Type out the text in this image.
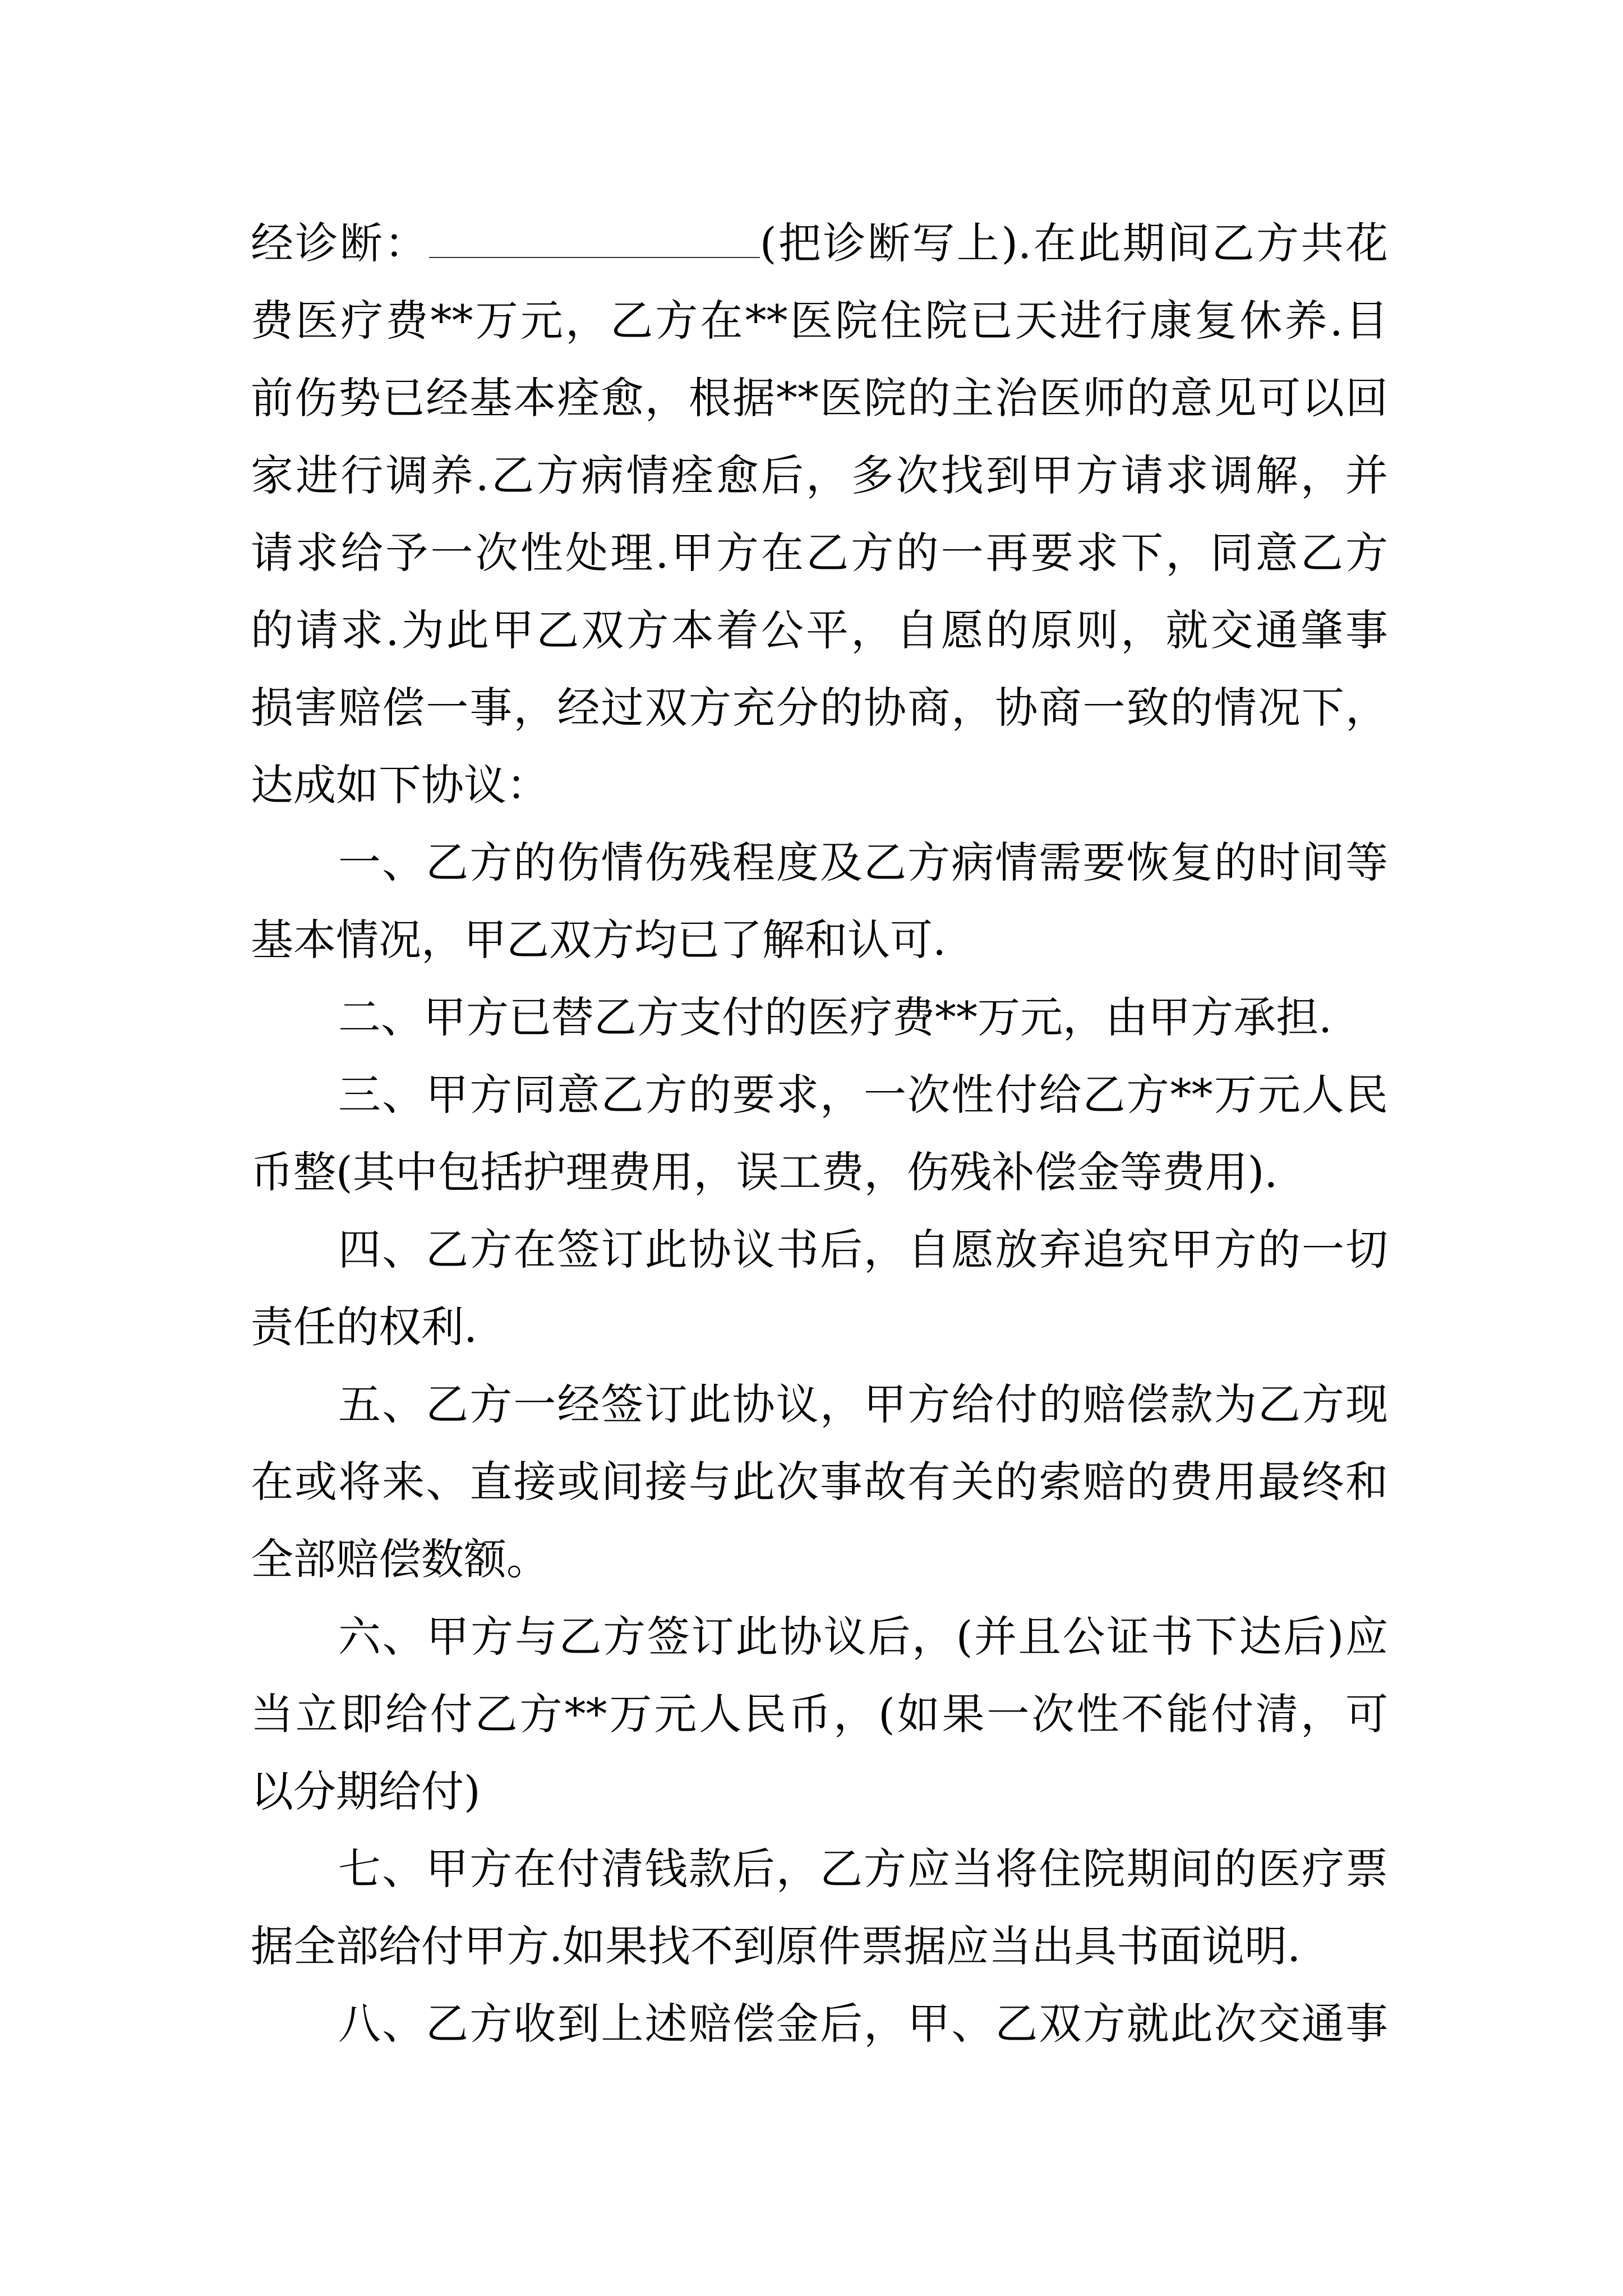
经诊断：	(把诊断写上).在此期间乙方共花
费医疗费**万元，乙方在**医院住院已天进行康复休养.目
前伤势已经基本痊愈，根据**医院的主治医师的意见可以回
家进行调养.乙方病情痊愈后，多次找到甲方请求调解，并
请求给予一次性处理.甲方在乙方的一再要求下，同意乙方
的请求.为此甲乙双方本着公平，自愿的原则，就交通肇事
损害赔偿一事，经过双方充分的协商，协商一致的情况下，
达成如下协议：
一、乙方的伤情伤残程度及乙方病情需要恢复的时间等
基本情况，甲乙双方均已了解和认可.
二、甲方已替乙方支付的医疗费**万元，由甲方承担.
三、甲方同意乙方的要求，一次性付给乙方**万元人民
币整(其中包括护理费用，误工费，伤残补偿金等费用).
四、乙方在签订此协议书后，自愿放弃追究甲方的一切
责任的权利.
五、乙方一经签订此协议，甲方给付的赔偿款为乙方现
在或将来、直接或间接与此次事故有关的索赔的费用最终和
全部赔偿数额。
六、甲方与乙方签订此协议后，(并且公证书下达后)应
当立即给付乙方**万元人民币，(如果一次性不能付清，可
以分期给付)
七、甲方在付清钱款后，乙方应当将住院期间的医疗票
据全部给付甲方.如果找不到原件票据应当出具书面说明.
八、乙方收到上述赔偿金后，甲、乙双方就此次交通事
